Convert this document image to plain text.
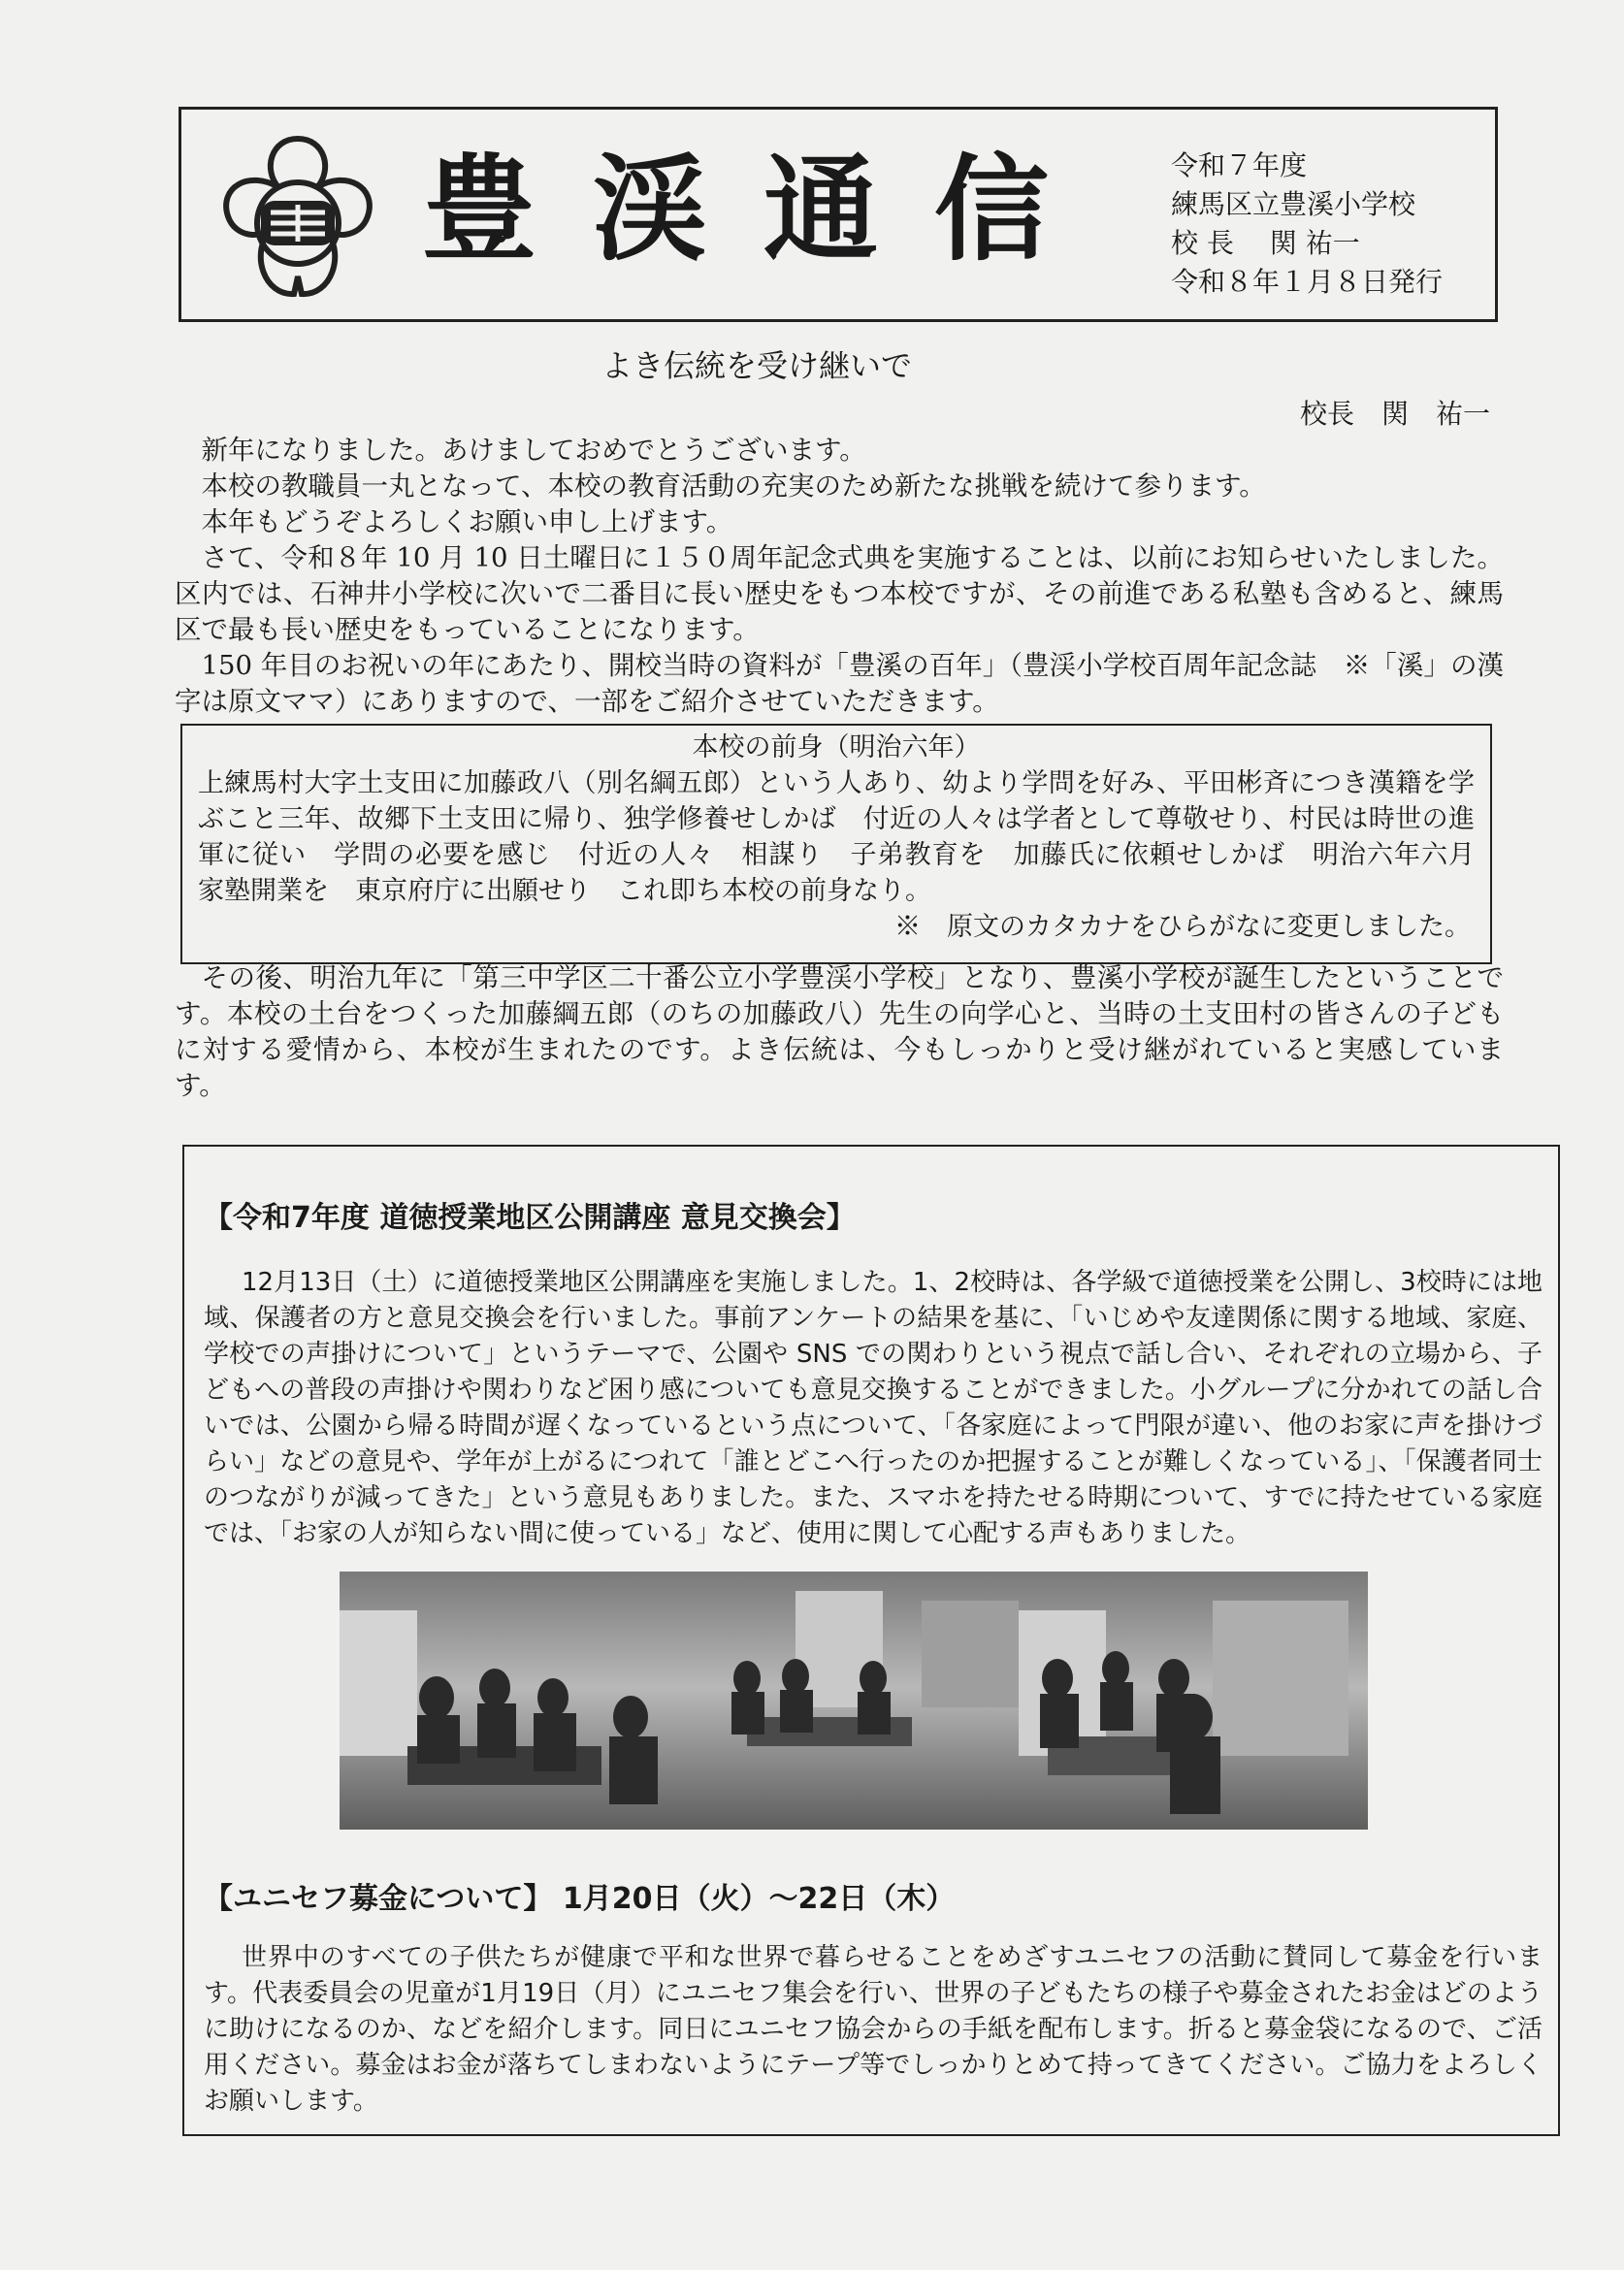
豊渓通信 令和７年度
練馬区立豊溪小学校
校 長　 関 祐一
令和８年１月８日発行
よき伝統を受け継いで
校長　関　祐一

新年になりました。あけましておめでとうございます。

本校の教職員一丸となって、本校の教育活動の充実のため新たな挑戦を続けて参ります。

本年もどうぞよろしくお願い申し上げます。

さて、令和８年 10 月 10 日土曜日に１５０周年記念式典を実施することは、以前にお知らせいたしました。区内では、石神井小学校に次いで二番目に長い歴史をもつ本校ですが、その前進である私塾も含めると、練馬区で最も長い歴史をもっていることになります。

150 年目のお祝いの年にあたり、開校当時の資料が「豊溪の百年」（豊渓小学校百周年記念誌　※「溪」の漢字は原文ママ）にありますので、一部をご紹介させていただきます。

本校の前身（明治六年）
上練馬村大字土支田に加藤政八（別名綱五郎）という人あり、幼より学問を好み、平田彬斉につき漢籍を学ぶこと三年、故郷下土支田に帰り、独学修養せしかば　付近の人々は学者として尊敬せり、村民は時世の進軍に従い　学問の必要を感じ　付近の人々　相謀り　子弟教育を　加藤氏に依頼せしかば　明治六年六月　家塾開業を　東京府庁に出願せり　これ即ち本校の前身なり。
※　原文のカタカナをひらがなに変更しました。

その後、明治九年に「第三中学区二十番公立小学豊渓小学校」となり、豊溪小学校が誕生したということです。本校の土台をつくった加藤綱五郎（のちの加藤政八）先生の向学心と、当時の土支田村の皆さんの子どもに対する愛情から、本校が生まれたのです。よき伝統は、今もしっかりと受け継がれていると実感しています。

【令和7年度 道徳授業地区公開講座 意見交換会】

12月13日（土）に道徳授業地区公開講座を実施しました。1、2校時は、各学級で道徳授業を公開し、3校時には地域、保護者の方と意見交換会を行いました。事前アンケートの結果を基に、「いじめや友達関係に関する地域、家庭、学校での声掛けについて」というテーマで、公園や SNS での関わりという視点で話し合い、それぞれの立場から、子どもへの普段の声掛けや関わりなど困り感についても意見交換することができました。小グループに分かれての話し合いでは、公園から帰る時間が遅くなっているという点について、「各家庭によって門限が違い、他のお家に声を掛けづらい」などの意見や、学年が上がるにつれて「誰とどこへ行ったのか把握することが難しくなっている」、「保護者同士のつながりが減ってきた」という意見もありました。また、スマホを持たせる時期について、すでに持たせている家庭では、「お家の人が知らない間に使っている」など、使用に関して心配する声もありました。

【ユニセフ募金について】 1月20日（火）～22日（木）

世界中のすべての子供たちが健康で平和な世界で暮らせることをめざすユニセフの活動に賛同して募金を行います。代表委員会の児童が1月19日（月）にユニセフ集会を行い、世界の子どもたちの様子や募金されたお金はどのように助けになるのか、などを紹介します。同日にユニセフ協会からの手紙を配布します。折ると募金袋になるので、ご活用ください。募金はお金が落ちてしまわないようにテープ等でしっかりとめて持ってきてください。ご協力をよろしくお願いします。
